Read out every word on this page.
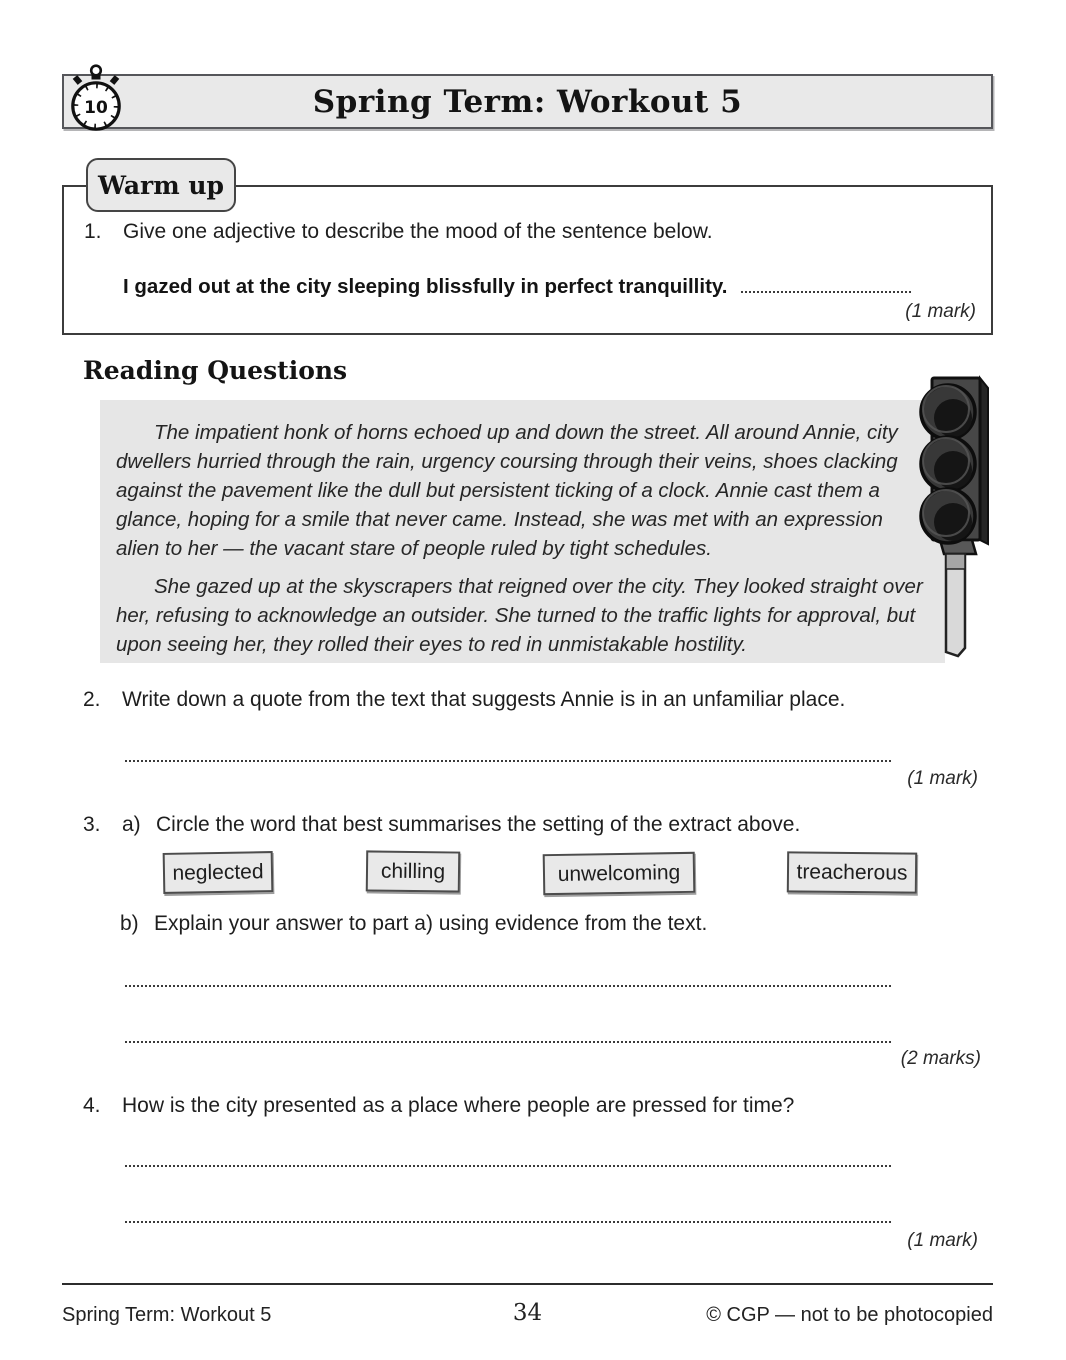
Spring Term: Workout 5
10
1.	Give one adjective to describe the mood of the sentence below.
I gazed out at the city sleeping blissfully in perfect tranquillity.
(1 mark)
Warm up
Reading Questions

The impatient honk of horns echoed up and down the street. All around Annie, city dwellers hurried through the rain, urgency coursing through their veins, shoes clacking against the pavement like the dull but persistent ticking of a clock. Annie cast them a glance, hoping for a smile that never came. Instead, she was met with an expression alien to her — the vacant stare of people ruled by tight schedules.

She gazed up at the skyscrapers that reigned over the city. They looked straight over her, refusing to acknowledge an outsider. She turned to the traffic lights for approval, but upon seeing her, they rolled their eyes to red in unmistakable hostility.

2.	Write down a quote from the text that suggests Annie is in an unfamiliar place.
(1 mark)
3.	a) Circle the word that best summarises the setting of the extract above.
neglected	chilling	unwelcoming	treacherous
b) Explain your answer to part a) using evidence from the text.
(2 marks)
4.	How is the city presented as a place where people are pressed for time?
(1 mark)
Spring Term: Workout 5	34	© CGP — not to be photocopied
